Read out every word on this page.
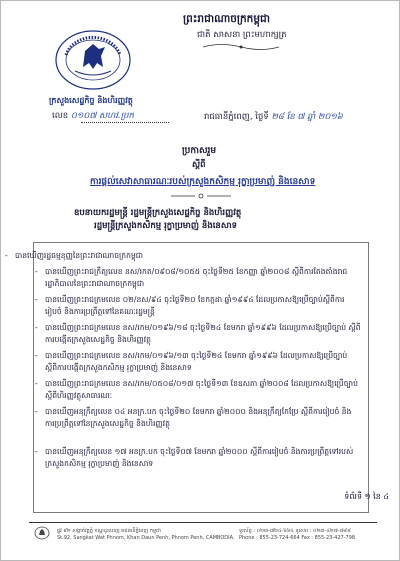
ព្រះរាជាណាចក្រកម្ពុជា
ជាតិ សាសនា ព្រះមហាក្សត្រ
ក្រសួងសេដ្ឋកិច្ច និងហិរញ្ញវត្ថុ
លេខ ០១០៧ សហវ.ប្រក	រាជធានីភ្នំពេញ, ថ្ងៃទី ២៨ ខែ ៧ ឆ្នាំ ២០១៦
ប្រកាសរួម
ស្តីពី
ការផ្តល់សេវាសាធារណៈរបស់ក្រសួងកសិកម្ម រុក្ខាប្រមាញ់ និងនេសាទ
ឧបនាយករដ្ឋមន្ត្រី រដ្ឋមន្ត្រីក្រសួងសេដ្ឋកិច្ច និងហិរញ្ញវត្ថុ
រដ្ឋមន្ត្រីក្រសួងកសិកម្ម រុក្ខាប្រមាញ់ និងនេសាទ
- បានឃើញរដ្ឋធម្មនុញ្ញនៃព្រះរាជាណាចក្រកម្ពុជា
- បានឃើញព្រះរាជក្រឹត្យលេខ នស/រកត/០៩០៨/១០៥៥ ចុះថ្ងៃទី២៥ ខែកញ្ញា ឆ្នាំ២០០៨ ស្តីពីការតែងតាំងរាជរដ្ឋាភិបាលនៃព្រះរាជាណាចក្រកម្ពុជា
- បានឃើញព្រះរាជក្រមលេខ ០២/នស/៩៤ ចុះថ្ងៃទី២០ ខែកក្កដា ឆ្នាំ១៩៩៤ ដែលប្រកាសឱ្យប្រើច្បាប់ស្តីពីការរៀបចំ និងការប្រព្រឹត្តទៅនៃគណៈរដ្ឋមន្ត្រី
- បានឃើញព្រះរាជក្រមលេខ នស/រកម/០១៩៦/១៨ ចុះថ្ងៃទី២៤ ខែមករា ឆ្នាំ១៩៩៦ ដែលប្រកាសឱ្យប្រើច្បាប់ ស្តីពីការបង្កើតក្រសួងសេដ្ឋកិច្ច និងហិរញ្ញវត្ថុ
- បានឃើញព្រះរាជក្រមលេខ នស/រកម/០១៩៦/១៣ ចុះថ្ងៃទី២៤ ខែមករា ឆ្នាំ១៩៩៦ ដែលប្រកាសឱ្យប្រើច្បាប់ ស្តីពីការបង្កើតក្រសួងកសិកម្ម រុក្ខាប្រមាញ់ និងនេសាទ
- បានឃើញព្រះរាជក្រមលេខ នស/រកម/០៥០៨/០១៧ ចុះថ្ងៃទី១៣ ខែឧសភា ឆ្នាំ២០០៨ ដែលប្រកាសឱ្យប្រើច្បាប់ស្តីពីហិរញ្ញវត្ថុសាធារណៈ
- បានឃើញអនុក្រឹត្យលេខ ០៤ អនក្រ.បក ចុះថ្ងៃទី២០ ខែមករា ឆ្នាំ២០០០ និងអនុក្រឹត្យកែប្រែ ស្តីពីការរៀបចំ និងការប្រព្រឹត្តទៅនៃក្រសួងសេដ្ឋកិច្ច និងហិរញ្ញវត្ថុ
- បានឃើញអនុក្រឹត្យលេខ ១៧ អនក្រ.បក ចុះថ្ងៃទី០៧ ខែមករា ឆ្នាំ២០០០ ស្តីពីការរៀបចំ និងការប្រព្រឹត្តទៅរបស់ក្រសួងកសិកម្ម រុក្ខាប្រមាញ់ និងនេសាទ
ទំព័រទី ១ នៃ ៤
ផ្លូវ ៩២ សង្កាត់វត្តភ្នំ ខណ្ឌដូនពេញ រាជធានីភ្នំពេញ កម្ពុជា
St.92, Sangkat Wat Phnom, Khan Daun Penh, Phnom Penh, CAMBODIA.
ទូរស័ព្ទ : ០២៣-៧២៤-៦៦៤ ទូរសារ : ០២៣-៤២៧-៧៩៨
Phone : 855-23-724-664 Fax : 855-23-427-798
